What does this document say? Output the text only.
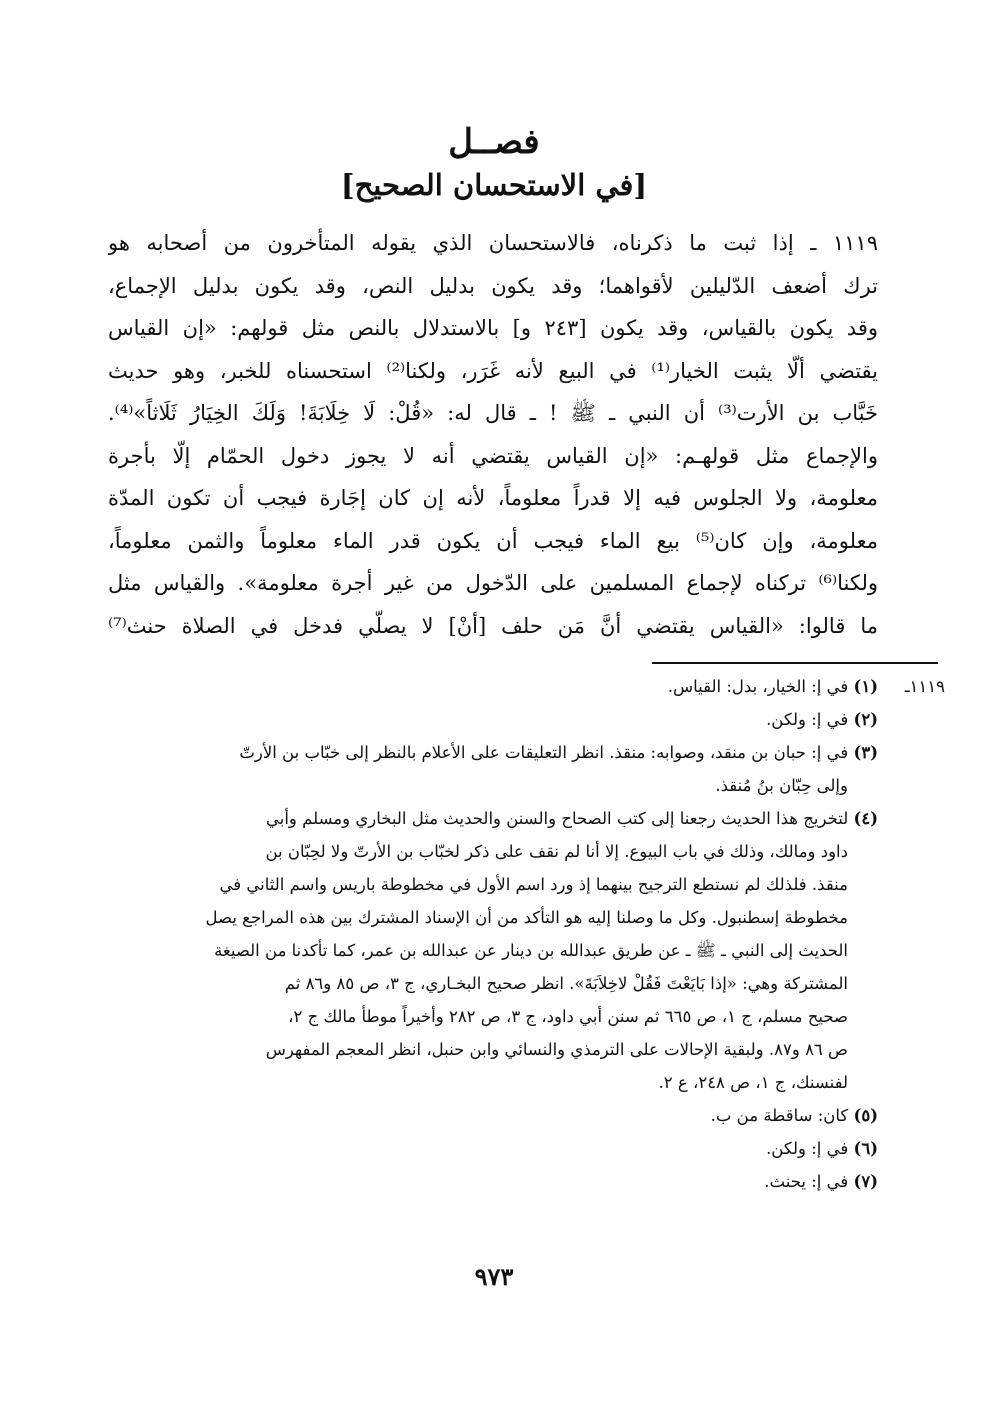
فصــل
[في الاستحسان الصحيح]
١١١٩ ـ إذا ثبت ما ذكرناه، فالاستحسان الذي يقوله المتأخرون من أصحابه هو
ترك أضعف الدّليلين لأقواهما؛ وقد يكون بدليل النص، وقد يكون بدليل الإجماع،
وقد يكون بالقياس، وقد يكون [٢٤٣ و] بالاستدلال بالنص مثل قولهم: «إن القياس
يقتضي ألّا يثبت الخيار⁽¹⁾ في البيع لأنه غَرَر، ولكنا⁽²⁾ استحسناه للخبر، وهو حديث
خَبَّاب بن الأرت⁽³⁾ أن النبي ـ ﷺ ! ـ قال له: «قُلْ: لَا خِلَابَةَ! وَلَكَ الخِيَارُ ثَلَاثاً»⁽⁴⁾.
والإجماع مثل قولهـم: «إن القياس يقتضي أنه لا يجوز دخول الحمّام إلّا بأجرة
معلومة، ولا الجلوس فيه إلا قدراً معلوماً، لأنه إن كان إجَارة فيجب أن تكون المدّة
معلومة، وإن كان⁽⁵⁾ بيع الماء فيجب أن يكون قدر الماء معلوماً والثمن معلوماً،
ولكنا⁽⁶⁾ تركناه لإجماع المسلمين على الدّخول من غير أجرة معلومة». والقياس مثل
ما قالوا: «القياس يقتضي أنَّ مَن حلف [أنْ] لا يصلّي فدخل في الصلاة حنث⁽⁷⁾
١١١٩ـ
(١) في إ: الخيار، بدل: القياس.
(٢) في إ: ولكن.
(٣) في إ: حبان بن منقد، وصوابه: منقذ. انظر التعليقات على الأعلام بالنظر إلى خبّاب بن الأرتّ
وإلى حِبّان بنُ مُنقذ.
(٤) لتخريج هذا الحديث رجعنا إلى كتب الصحاح والسنن والحديث مثل البخاري ومسلم وأبي
داود ومالك، وذلك في باب البيوع. إلا أنا لم نقف على ذكر لخبّاب بن الأرتّ ولا لحِبّان بن
منقذ. فلذلك لم نستطع الترجيح بينهما إذ ورد اسم الأول في مخطوطة باريس واسم الثاني في
مخطوطة إسطنبول. وكل ما وصلنا إليه هو التأكد من أن الإسناد المشترك بين هذه المراجع يصل
الحديث إلى النبي ـ ﷺ ـ عن طريق عبدالله بن دينار عن عبدالله بن عمر، كما تأكدنا من الصيغة
المشتركة وهي: «إذا بَايَعْتَ فَقُلْ لاخِلاَبَةَ». انظر صحيح البخـاري، ج ٣، ص ٨٥ و٨٦ ثم
صحيح مسلم، ج ١، ص ٦٦٥ ثم سنن أبي داود، ج ٣، ص ٢٨٢ وأخيراً موطأ مالك ج ٢،
ص ٨٦ و٨٧. ولبقية الإحالات على الترمذي والنسائي وابن حنبل، انظر المعجم المفهرس
لفنسنك، ج ١، ص ٢٤٨، ع ٢.
(٥) كان: ساقطة من ب.
(٦) في إ: ولكن.
(٧) في إ: يحنث.
٩٧٣
